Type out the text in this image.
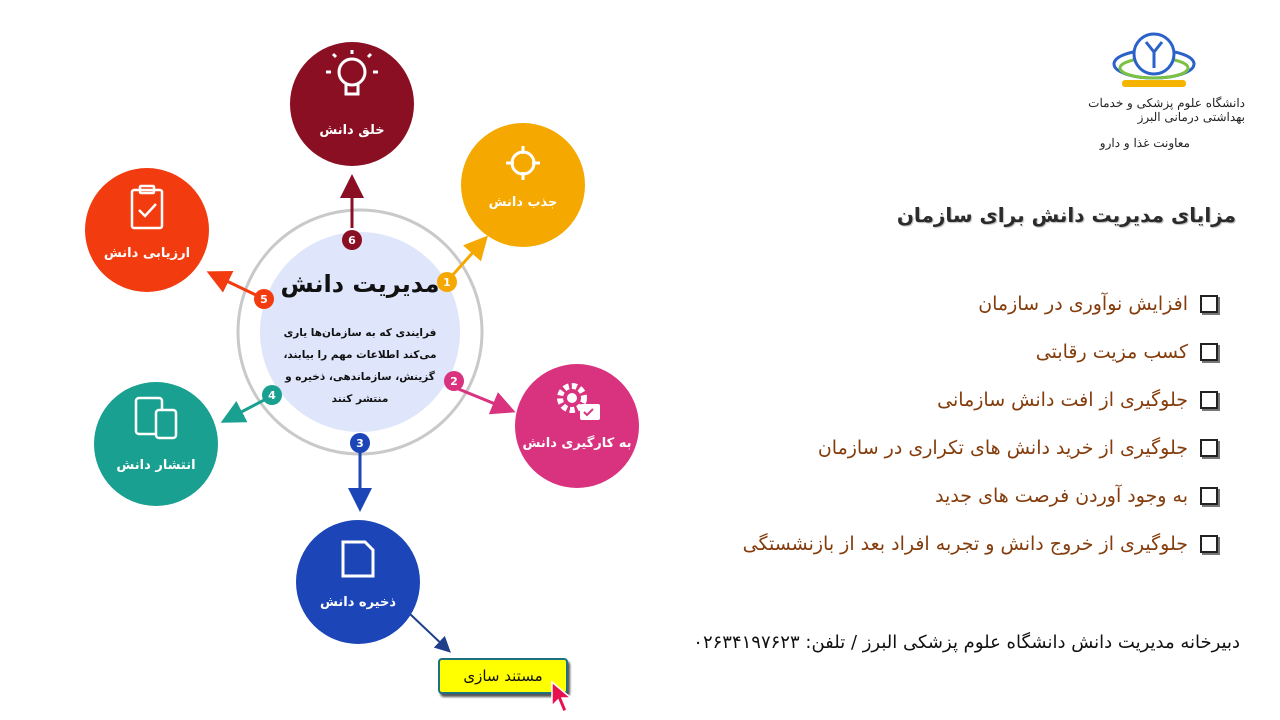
1
2
3
4
5
6
جذب دانش
به کارگیری دانش
ذخیره دانش
انتشار دانش
ارزیابی دانش
خلق دانش
مدیریت دانش
فرایندی که به سازمان‌ها یاری می‌کند اطلاعات مهم را بیابند، گزینش، سازماندهی، ذخیره و منتشر کنند
مستند سازی
دانشگاه علوم پزشکی و خدمات بهداشتی درمانی البرز
معاونت غذا و دارو
مزایای مدیریت دانش برای سازمان
افزایش نوآوری در سازمان
کسب مزیت رقابتی
جلوگیری از افت دانش سازمانی
جلوگیری از خرید دانش های تکراری در سازمان
به وجود آوردن فرصت های جدید
جلوگیری از خروج دانش و تجربه افراد بعد از بازنشستگی
دبیرخانه مدیریت دانش دانشگاه علوم پزشکی البرز / تلفن: ۰۲۶۳۴۱۹۷۶۲۳
